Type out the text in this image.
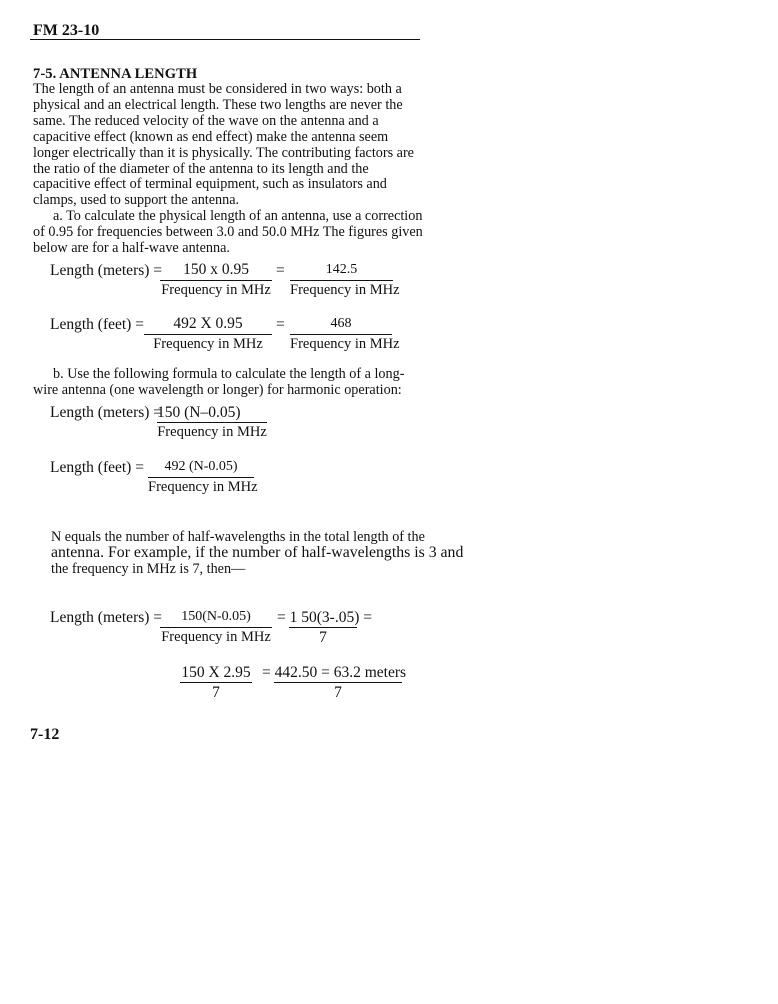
FM 23-10
7-5. ANTENNA LENGTH

The length of an antenna must be considered in two ways: both a physical and an electrical length. These two lengths are never the same. The reduced velocity of the wave on the antenna and a capacitive effect (known as end effect) make the antenna seem longer electrically than it is physically. The contributing factors are the ratio of the diameter of the antenna to its length and the capacitive effect of terminal equipment, such as insulators and clamps, used to support the antenna.

a. To calculate the physical length of an antenna, use a correction of 0.95 for frequencies between 3.0 and 50.0 MHz The figures given below are for a half-wave antenna.

Length (meters) =	150 x 0.95
Frequency in MHz
=	142.5
Frequency in MHz
Length (feet) =	492 X 0.95
Frequency in MHz
=	468
Frequency in MHz

b. Use the following formula to calculate the length of a long-wire antenna (one wavelength or longer) for harmonic operation:

Length (meters) =
150 (N–0.05)
Frequency in MHz
Length (feet) =	492 (N-0.05)
Frequency in MHz
N equals the number of half-wavelengths in the total length of the
antenna. For example, if the number of half-wavelengths is 3 and
the frequency in MHz is 7, then—
Length (meters) =	150(N-0.05)
Frequency in MHz
= 1 50(3-.05) =
7
150 X 2.95
7
= 442.50 = 63.2 meters
7
7-12
